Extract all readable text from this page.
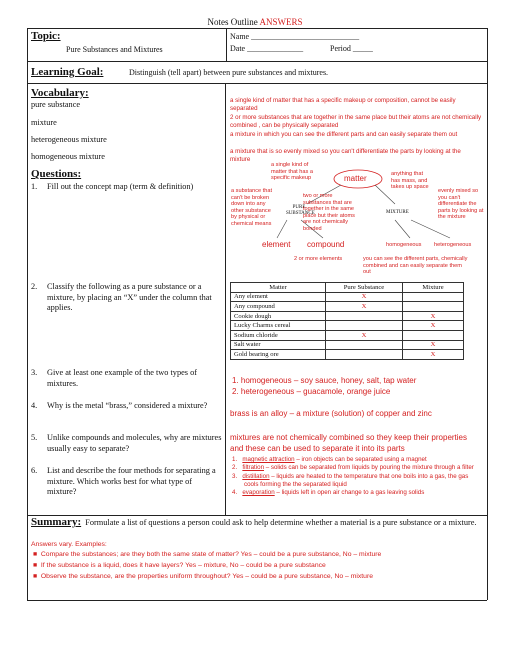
Notes Outline ANSWERS
Topic:
Pure Substances and Mixtures
Name ___________________________
Date ______________	Period _____
Learning Goal:	Distinguish (tell apart) between pure substances and mixtures.
Vocabulary:
pure substance
mixture
heterogeneous mixture
homogeneous mixture
a single kind of matter that has a specific makeup or composition, cannot be easily separated
2 or more substances that are together in the same place but their atoms are not chemically combined , can be physically separated
a mixture in which you can see the different parts and can easily separate them out
a mixture that is so evenly mixed so you can't differentiate the parts by looking at the mixture
Questions:
1. Fill out the concept map (term & definition)
2. Classify the following as a pure substance or a mixture, by placing an “X” under the column that applies.
3. Give at least one example of the two types of mixtures.
4. Why is the metal “brass,” considered a mixture?
5. Unlike compounds and molecules, why are mixtures usually easy to separate?
6. List and describe the four methods for separating a mixture. Which works best for what type of mixture?
matter
PURE SUBSTANCE	MIXTURE
element compound	homogeneous heterogeneous
anything that has mass, and takes up space
a single kind of matter that has a specific makeup
a substance that can't be broken down into any other substance by physical or chemical means
two or more substances that are together in the same place but their atoms are not chemically bonded
evenly mixed so you can't differentiate the parts by looking at the mixture
2 or more elements	you can see the different parts, chemically combined and can easily separate them out
Matter	Pure Substance	Mixture
Any element	X	
Any compound	X	
Cookie dough		X
Lucky Charms cereal		X
Sodium chloride	X	
Salt water		X
Gold bearing ore		X
1. homogeneous – soy sauce, honey, salt, tap water
2. heterogeneous – guacamole, orange juice
brass is an alloy – a mixture (solution) of copper and zinc
mixtures are not chemically combined so they keep their properties and these can be used to separate it into its parts
1. magnetic attraction – iron objects can be separated using a magnet
2. filtration – solids can be separated from liquids by pouring the mixture through a filter
3. distillation – liquids are heated to the temperature that one boils into a gas, the gas cools forming the the separated liquid
4. evaporation – liquids left in open air change to a gas leaving solids
Summary: Formulate a list of questions a person could ask to help determine whether a material is a pure substance or a mixture.
Answers vary. Examples:
■ Compare the substances; are they both the same state of matter? Yes – could be a pure substance, No – mixture
■ If the substance is a liquid, does it have layers? Yes – mixture, No – could be a pure substance
■ Observe the substance, are the properties uniform throughout? Yes – could be a pure substance, No – mixture
